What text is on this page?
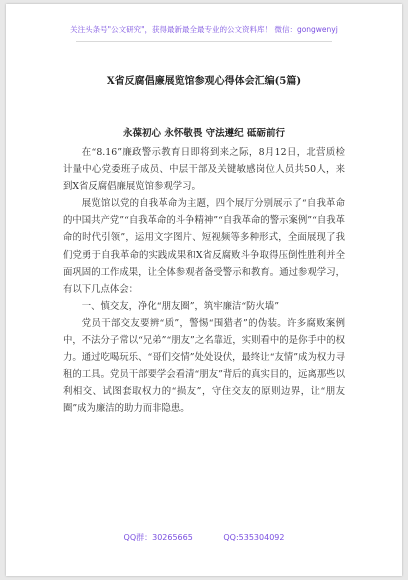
关注头条号"公文研究"，获得最新最全最专业的公文资料库！ 微信：gongwenyj
X省反腐倡廉展览馆参观心得体会汇编(5篇)
永葆初心 永怀敬畏 守法遵纪 砥砺前行

在“8.16”廉政警示教育日即将到来之际，8月12日，北营质检计量中心党委班子成员、中层干部及关键敏感岗位人员共50人，来到X省反腐倡廉展览馆参观学习。

展览馆以党的自我革命为主题，四个展厅分别展示了“自我革命的中国共产党”“自我革命的斗争精神”“自我革命的警示案例”“自我革命的时代引领”，运用文字图片、短视频等多种形式，全面展现了我们党勇于自我革命的实践成果和X省反腐败斗争取得压倒性胜利并全面巩固的工作成果，让全体参观者备受警示和教育。通过参观学习，有以下几点体会：

一、慎交友，净化“朋友圈”，筑牢廉洁“防火墙”

党员干部交友要辨“质”，警惕“围猎者”的伪装。许多腐败案例中，不法分子常以“兄弟”“朋友”之名靠近，实则看中的是你手中的权力。通过吃喝玩乐、“哥们交情”处处设伏，最终让“友情”成为权力寻租的工具。党员干部要学会看清“朋友”背后的真实目的，远离那些以利相交、试图套取权力的“损友”，守住交友的原则边界，让“朋友圈”成为廉洁的助力而非隐患。

QQ群：30265665	QQ:535304092
